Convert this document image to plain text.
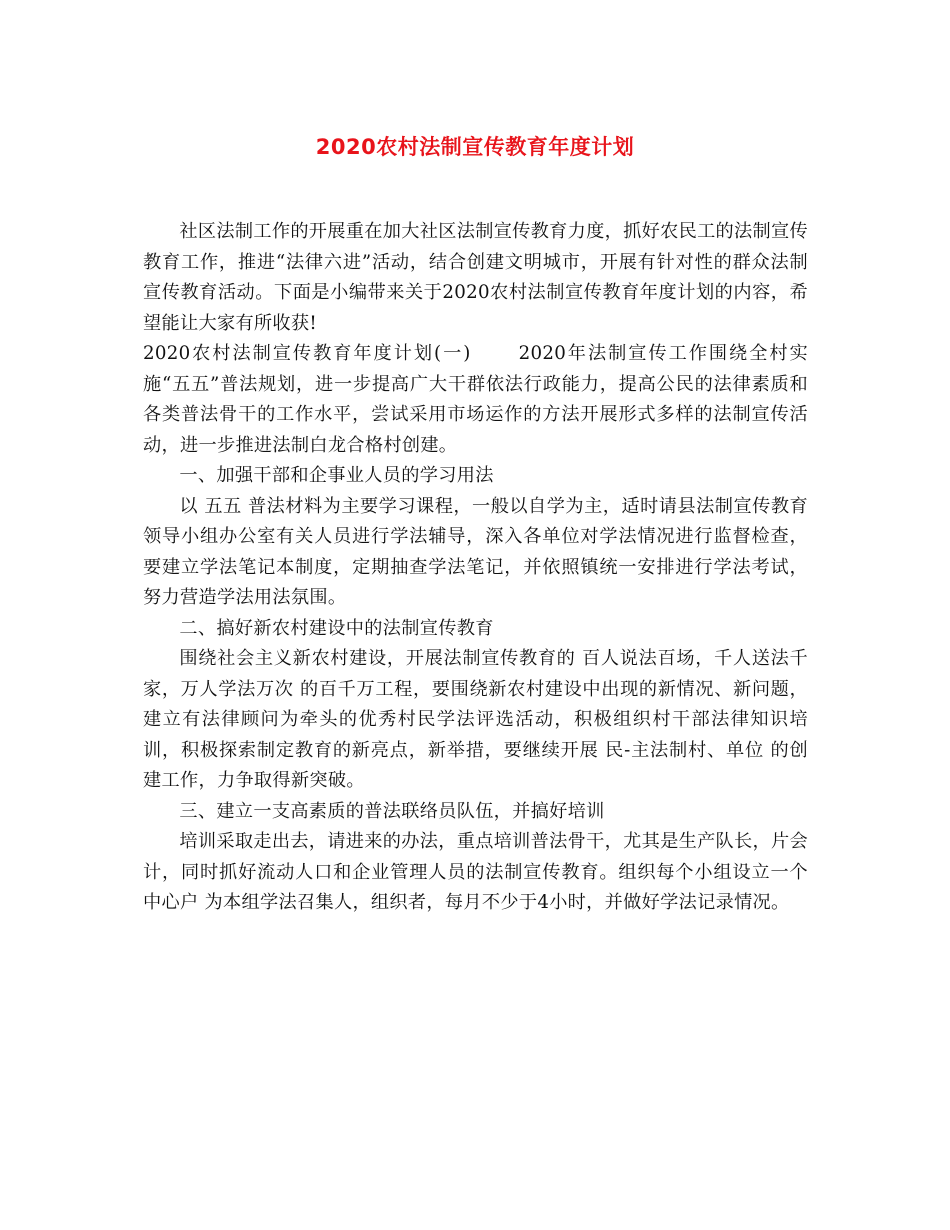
2020农村法制宣传教育年度计划

社区法制工作的开展重在加大社区法制宣传教育力度，抓好农民工的法制宣传教育工作，推进“法律六进”活动，结合创建文明城市，开展有针对性的群众法制宣传教育活动。下面是小编带来关于2020农村法制宣传教育年度计划的内容，希望能让大家有所收获!

2020农村法制宣传教育年度计划(一)	2020年法制宣传工作围绕全村实施“五五”普法规划，进一步提高广大干群依法行政能力，提高公民的法律素质和各类普法骨干的工作水平，尝试采用市场运作的方法开展形式多样的法制宣传活动，进一步推进法制白龙合格村创建。

一、加强干部和企事业人员的学习用法

以 五五 普法材料为主要学习课程，一般以自学为主，适时请县法制宣传教育领导小组办公室有关人员进行学法辅导，深入各单位对学法情况进行监督检查，要建立学法笔记本制度，定期抽查学法笔记，并依照镇统一安排进行学法考试，努力营造学法用法氛围。

二、搞好新农村建设中的法制宣传教育

围绕社会主义新农村建设，开展法制宣传教育的 百人说法百场，千人送法千家，万人学法万次 的百千万工程，要围绕新农村建设中出现的新情况、新问题，建立有法律顾问为牵头的优秀村民学法评选活动，积极组织村干部法律知识培训，积极探索制定教育的新亮点，新举措，要继续开展 民-主法制村、单位 的创建工作，力争取得新突破。

三、建立一支高素质的普法联络员队伍，并搞好培训

培训采取走出去，请进来的办法，重点培训普法骨干，尤其是生产队长，片会计，同时抓好流动人口和企业管理人员的法制宣传教育。组织每个小组设立一个 中心户 为本组学法召集人，组织者，每月不少于4小时，并做好学法记录情况。
